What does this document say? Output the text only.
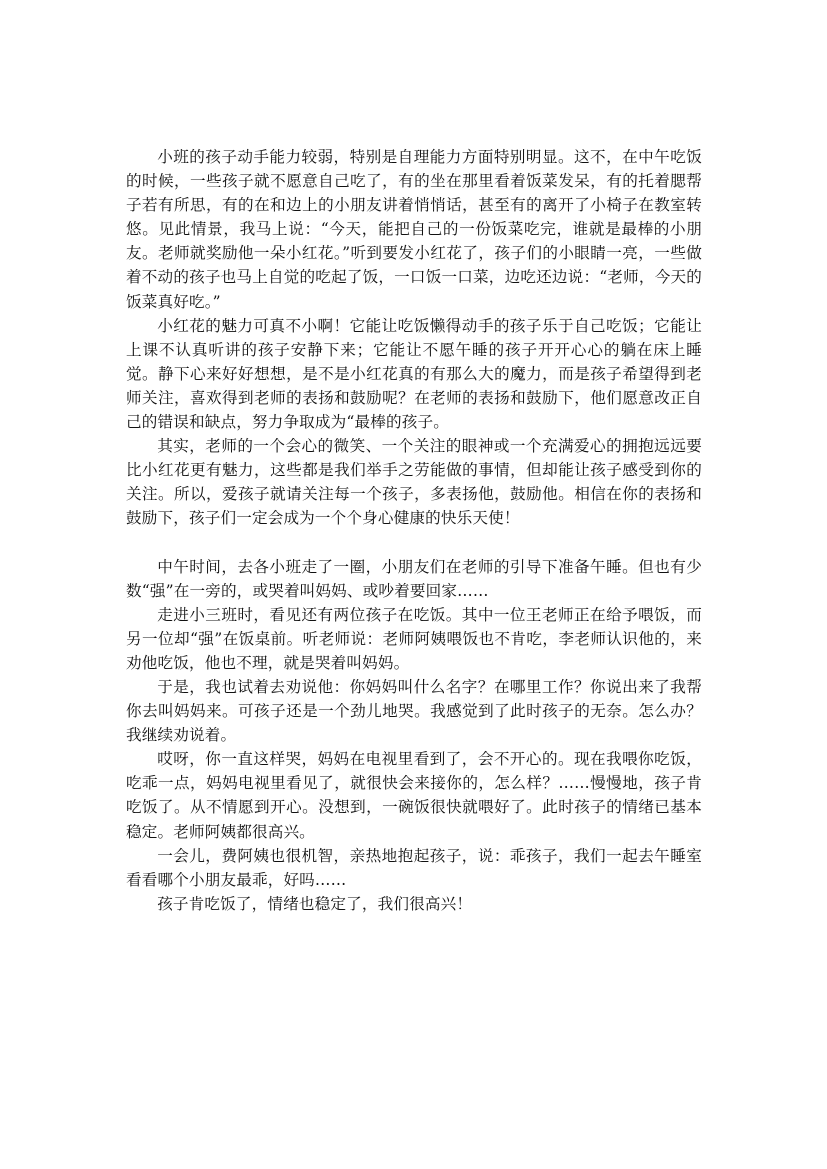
小班的孩子动手能力较弱，特别是自理能力方面特别明显。这不，在中午吃饭的时候，一些孩子就不愿意自己吃了，有的坐在那里看着饭菜发呆，有的托着腮帮子若有所思，有的在和边上的小朋友讲着悄悄话，甚至有的离开了小椅子在教室转悠。见此情景，我马上说：“今天，能把自己的一份饭菜吃完，谁就是最棒的小朋友。老师就奖励他一朵小红花。”听到要发小红花了，孩子们的小眼睛一亮，一些做着不动的孩子也马上自觉的吃起了饭，一口饭一口菜，边吃还边说：“老师，今天的饭菜真好吃。”

小红花的魅力可真不小啊！它能让吃饭懒得动手的孩子乐于自己吃饭；它能让上课不认真听讲的孩子安静下来；它能让不愿午睡的孩子开开心心的躺在床上睡觉。静下心来好好想想，是不是小红花真的有那么大的魔力，而是孩子希望得到老师关注，喜欢得到老师的表扬和鼓励呢？在老师的表扬和鼓励下，他们愿意改正自己的错误和缺点，努力争取成为“最棒的孩子。

其实，老师的一个会心的微笑、一个关注的眼神或一个充满爱心的拥抱远远要比小红花更有魅力，这些都是我们举手之劳能做的事情，但却能让孩子感受到你的关注。所以，爱孩子就请关注每一个孩子，多表扬他，鼓励他。相信在你的表扬和鼓励下，孩子们一定会成为一个个身心健康的快乐天使！

中午时间，去各小班走了一圈，小朋友们在老师的引导下准备午睡。但也有少数“强”在一旁的，或哭着叫妈妈、或吵着要回家……

走进小三班时，看见还有两位孩子在吃饭。其中一位王老师正在给予喂饭，而另一位却“强”在饭桌前。听老师说：老师阿姨喂饭也不肯吃，李老师认识他的，来劝他吃饭，他也不理，就是哭着叫妈妈。

于是，我也试着去劝说他：你妈妈叫什么名字？在哪里工作？你说出来了我帮你去叫妈妈来。可孩子还是一个劲儿地哭。我感觉到了此时孩子的无奈。怎么办？我继续劝说着。

哎呀，你一直这样哭，妈妈在电视里看到了，会不开心的。现在我喂你吃饭，吃乖一点，妈妈电视里看见了，就很快会来接你的，怎么样？……慢慢地，孩子肯吃饭了。从不情愿到开心。没想到，一碗饭很快就喂好了。此时孩子的情绪已基本稳定。老师阿姨都很高兴。

一会儿，费阿姨也很机智，亲热地抱起孩子，说：乖孩子，我们一起去午睡室看看哪个小朋友最乖，好吗……

孩子肯吃饭了，情绪也稳定了，我们很高兴！
